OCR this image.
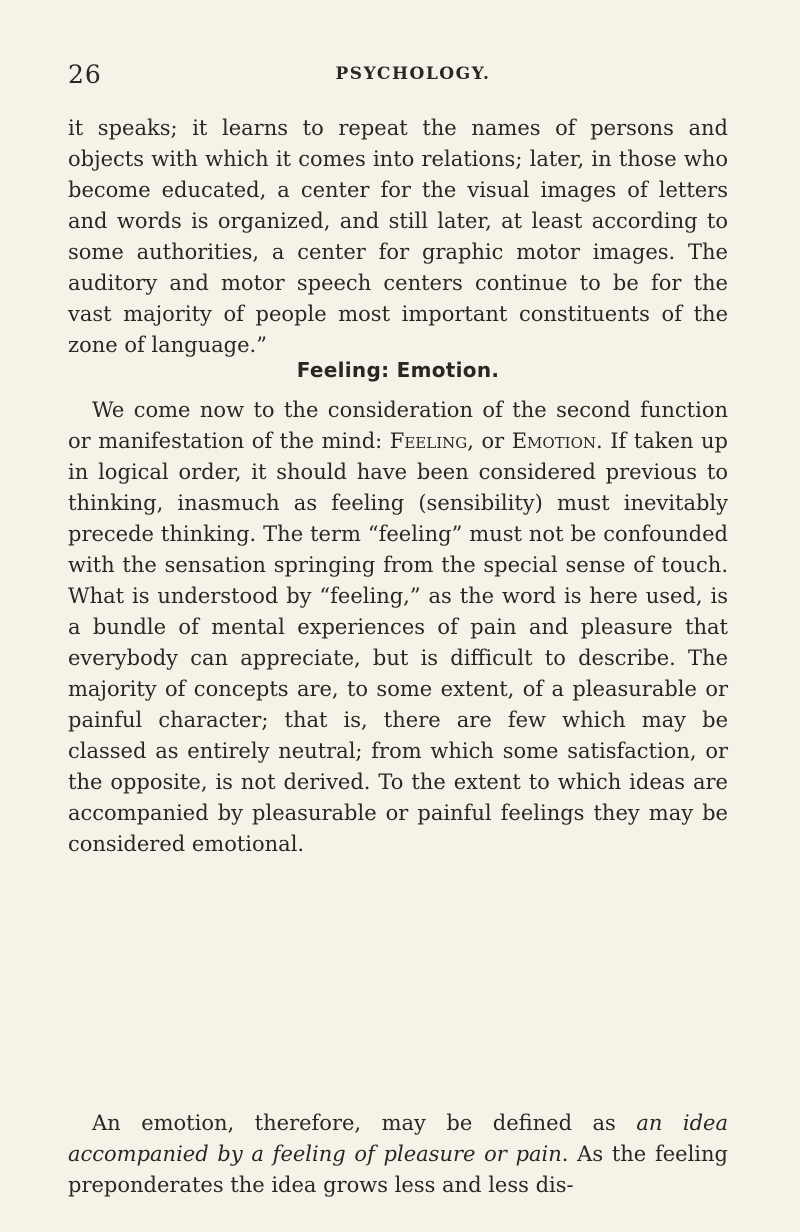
26	PSYCHOLOGY.

it speaks; it learns to repeat the names of persons and objects with which it comes into relations; later, in those who become educated, a center for the visual images of letters and words is organized, and still later, at least according to some authorities, a center for graphic motor images. The auditory and motor speech centers continue to be for the vast majority of people most important constituents of the zone of language.”

Feeling: Emotion.

We come now to the consideration of the second function or manifestation of the mind: Feeling, or Emotion. If taken up in logical order, it should have been considered previous to thinking, inasmuch as feeling (sensibility) must inevitably precede thinking. The term “feeling” must not be confounded with the sensation springing from the special sense of touch. What is understood by “feeling,” as the word is here used, is a bundle of mental experiences of pain and pleasure that everybody can appreciate, but is difficult to describe. The majority of concepts are, to some extent, of a pleasurable or painful character; that is, there are few which may be classed as entirely neutral; from which some satisfaction, or the opposite, is not derived. To the extent to which ideas are accompanied by pleasurable or painful feelings they may be considered emotional.

An emotion, therefore, may be defined as an idea accompanied by a feeling of pleasure or pain. As the feeling preponderates the idea grows less and less dis-
